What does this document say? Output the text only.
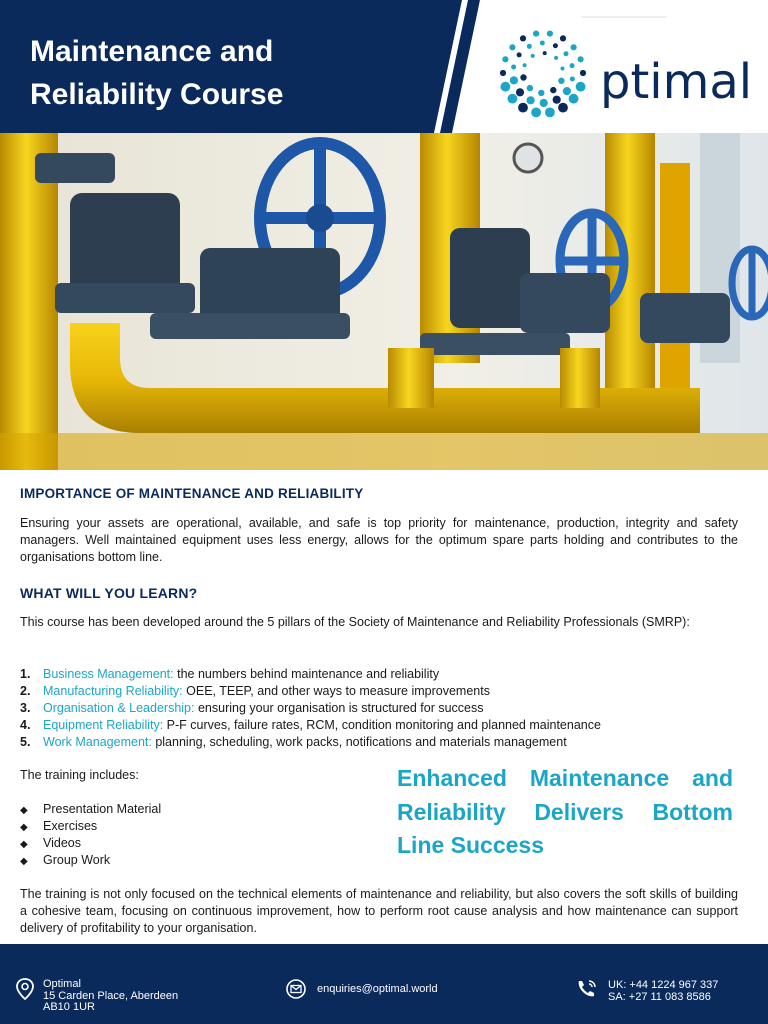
Maintenance and
Reliability Course	ptimal
IMPORTANCE OF MAINTENANCE AND RELIABILITY
Ensuring your assets are operational, available, and safe is top priority for maintenance, production, integrity and safety managers. Well maintained equipment uses less energy, allows for the optimum spare parts holding and contributes to the organisations bottom line.
WHAT WILL YOU LEARN?
This course has been developed around the 5 pillars of the Society of Maintenance and Reliability Professionals (SMRP):
1. Business Management: the numbers behind maintenance and reliability
2. Manufacturing Reliability: OEE, TEEP, and other ways to measure improvements
3. Organisation & Leadership: ensuring your organisation is structured for success
4. Equipment Reliability: P-F curves, failure rates, RCM, condition monitoring and planned maintenance
5. Work Management: planning, scheduling, work packs, notifications and materials management
The training includes:
◆ Presentation Material
◆ Exercises
◆ Videos
◆ Group Work
Enhanced Maintenance and
Reliability Delivers Bottom
Line Success
The training is not only focused on the technical elements of maintenance and reliability, but also covers the soft skills of building a cohesive team, focusing on continuous improvement, how to perform root cause analysis and how maintenance can support delivery of profitability to your organisation.
Optimal
15 Carden Place, Aberdeen
AB10 1UR
enquiries@optimal.world	UK: +44 1224 967 337
SA: +27 11 083 8586
